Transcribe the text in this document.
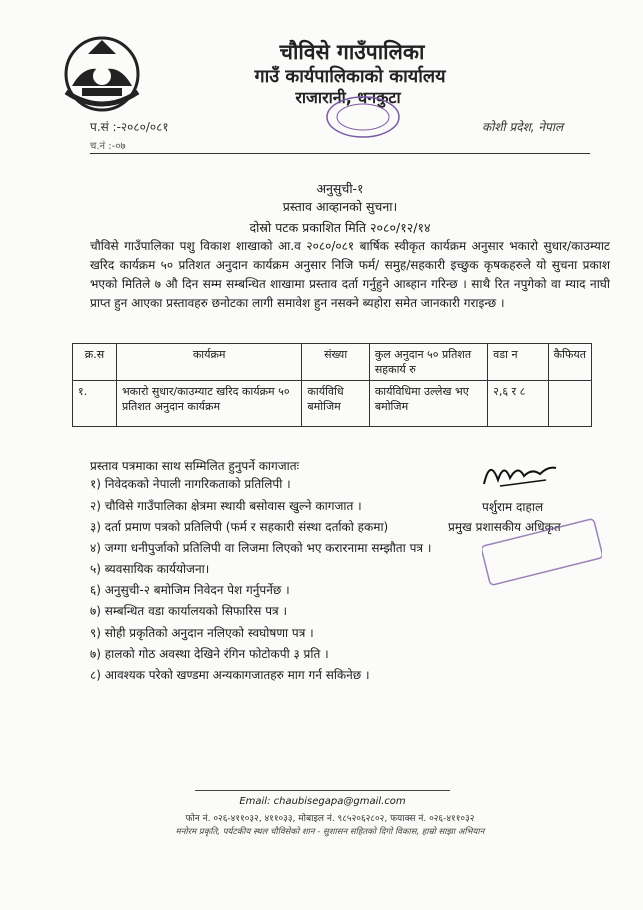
चौविसे गाउँपालिका
गाउँ कार्यपालिकाको कार्यालय
राजारानी, धनकुटा
प.सं :-२०८०/०८१
च.नं :-०७
कोशी प्रदेश, नेपाल
अनुसुची-१
प्रस्ताव आव्हानको सुचना।
दोस्रो पटक प्रकाशित मिति २०८०/१२/१४
चौविसे गाउँपालिका पशु विकाश शाखाको आ.व २०८०/०८१ बार्षिक स्वीकृत कार्यक्रम अनुसार भकारो सुधार/काउम्याट खरिद कार्यक्रम ५० प्रतिशत अनुदान कार्यक्रम अनुसार निजि फर्म/ समुह/सहकारी इच्छुक कृषकहरुले यो सुचना प्रकाश भएको मितिले ७ औ दिन सम्म सम्बन्धित शाखामा प्रस्ताव दर्ता गर्नुहुने आब्हान गरिन्छ । साथै रित नपुगेको वा म्याद नाघी प्राप्त हुन आएका प्रस्तावहरु छनोटका लागी समावेश हुन नसक्ने ब्यहोरा समेत जानकारी गराइन्छ ।
क्र.स	कार्यक्रम	संख्या	कुल अनुदान ५० प्रतिशत सहकार्य रु	वडा न	कैफियत
१.	भकारो सुधार/काउम्याट खरिद कार्यक्रम ५० प्रतिशत अनुदान कार्यक्रम	कार्यविधि बमोजिम	कार्यविधिमा उल्लेख भए बमोजिम	२,६ र ८	
प्रस्ताव पत्रमाका साथ सम्मिलित हुनुपर्ने कागजातः
१) निवेदकको नेपाली नागरिकताको प्रतिलिपी ।
२) चौविसे गाउँपालिका क्षेत्रमा स्थायी बसोवास खुल्ने कागजात ।
३) दर्ता प्रमाण पत्रको प्रतिलिपी (फर्म र सहकारी संस्था दर्ताको हकमा)
४) जग्गा धनीपुर्जाको प्रतिलिपी वा लिजमा लिएको भए करारनामा सम्झौता पत्र ।
५) ब्यवसायिक कार्ययोजना।
६) अनुसुची-२ बमोजिम निवेदन पेश गर्नुपर्नेछ ।
७) सम्बन्धित वडा कार्यालयको सिफारिस पत्र ।
९) सोही प्रकृतिको अनुदान नलिएको स्वघोषणा पत्र ।
७) हालको गोठ अवस्था देखिने रंगिन फोटोकपी ३ प्रति ।
८) आवश्यक परेको खण्डमा अन्यकागजातहरु माग गर्न सकिनेछ ।
पर्शुराम दाहाल
प्रमुख प्रशासकीय अधिकृत
Email: chaubisegapa@gmail.com
फोन नं. ०२६-४११०३२, ४११०३३, मोबाइल नं. ९८५२०६२८०२, फयाक्स नं. ०२६-४११०३२
मनोरम प्रकृति, पर्यटकीय स्थल चौविसेको शान - सुशासन सहितको दिगो विकास, हाम्रो साझा अभियान
